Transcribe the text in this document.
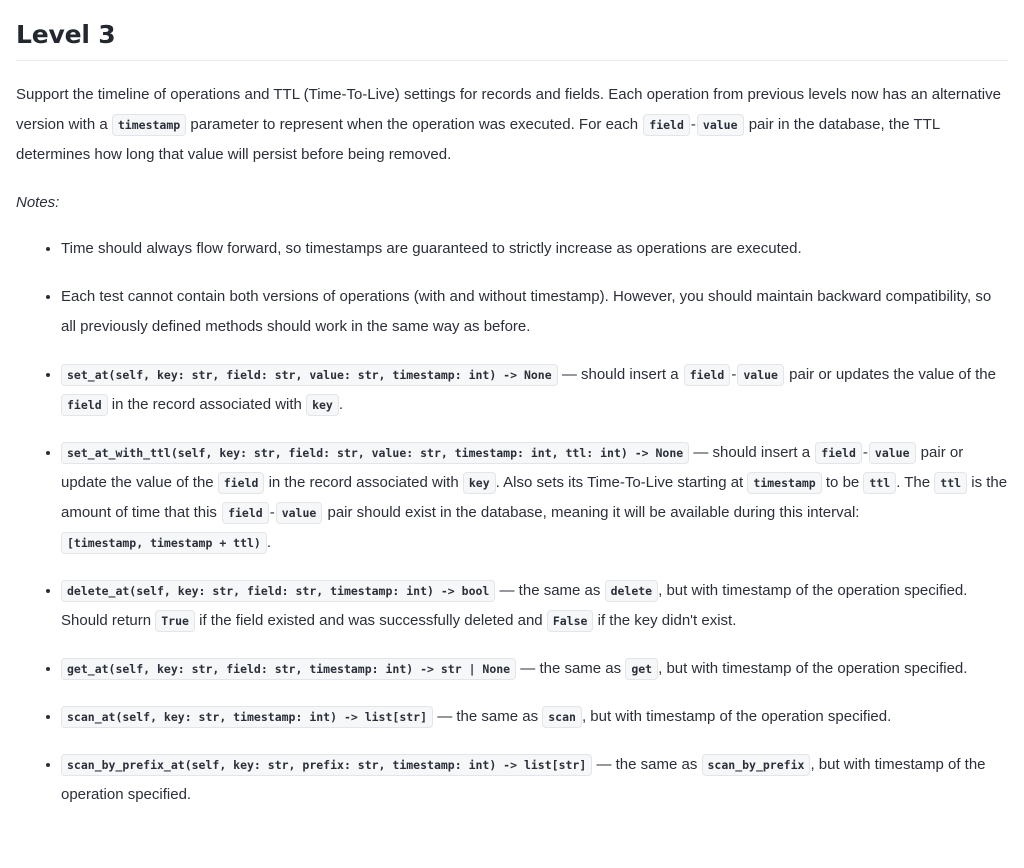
Level 3

Support the timeline of operations and TTL (Time-To-Live) settings for records and fields. Each operation from previous levels now has an alternative version with a timestamp parameter to represent when the operation was executed. For each field - value pair in the database, the TTL determines how long that value will persist before being removed.

Notes:

• Time should always flow forward, so timestamps are guaranteed to strictly increase as operations are executed.
• Each test cannot contain both versions of operations (with and without timestamp). However, you should maintain backward compatibility, so all previously defined methods should work in the same way as before.
• set_at(self, key: str, field: str, value: str, timestamp: int) -> None — should insert a field - value pair or updates the value of the field in the record associated with key .
• set_at_with_ttl(self, key: str, field: str, value: str, timestamp: int, ttl: int) -> None — should insert a field - value pair or update the value of the field in the record associated with key . Also sets its Time-To-Live starting at timestamp to be ttl . The ttl is the amount of time that this field - value pair should exist in the database, meaning it will be available during this interval: [timestamp, timestamp + ttl) .
• delete_at(self, key: str, field: str, timestamp: int) -> bool — the same as delete , but with timestamp of the operation specified. Should return True if the field existed and was successfully deleted and False if the key didn't exist.
• get_at(self, key: str, field: str, timestamp: int) -> str | None — the same as get , but with timestamp of the operation specified.
• scan_at(self, key: str, timestamp: int) -> list[str] — the same as scan , but with timestamp of the operation specified.
• scan_by_prefix_at(self, key: str, prefix: str, timestamp: int) -> list[str] — the same as scan_by_prefix , but with timestamp of the operation specified.
